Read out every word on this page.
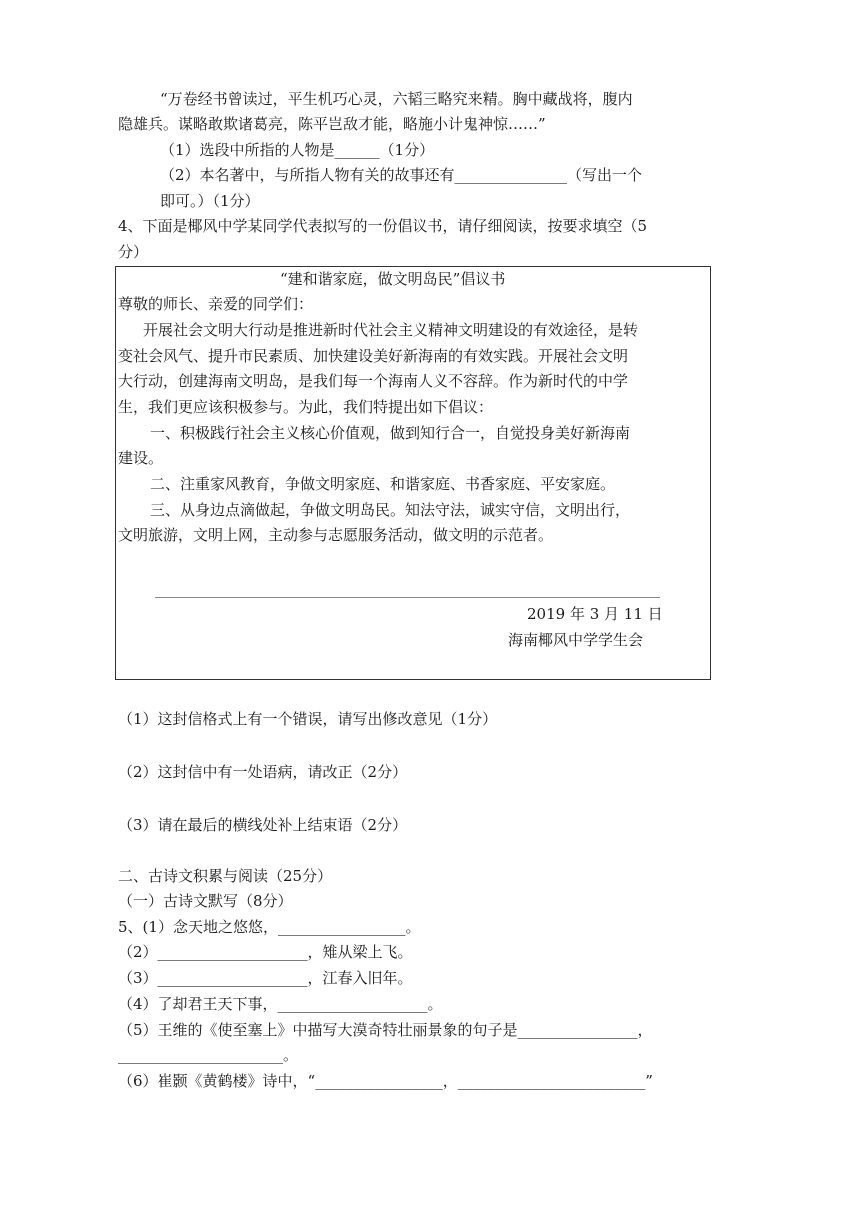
“万卷经书曾读过，平生机巧心灵，六韬三略究来精。胸中藏战将，腹内
隐雄兵。谋略敢欺诸葛亮，陈平岂敌才能，略施小计鬼神惊……”
（1）选段中所指的人物是______（1分）
（2）本名著中，与所指人物有关的故事还有_______________（写出一个
即可。）（1分）
4、下面是椰风中学某同学代表拟写的一份倡议书，请仔细阅读，按要求填空（5
分）
“建和谐家庭，做文明岛民”倡议书
尊敬的师长、亲爱的同学们：
开展社会文明大行动是推进新时代社会主义精神文明建设的有效途径，是转
变社会风气、提升市民素质、加快建设美好新海南的有效实践。开展社会文明
大行动，创建海南文明岛，是我们每一个海南人义不容辞。作为新时代的中学
生，我们更应该积极参与。为此，我们特提出如下倡议：
一、积极践行社会主义核心价值观，做到知行合一，自觉投身美好新海南
建设。
二、注重家风教育，争做文明家庭、和谐家庭、书香家庭、平安家庭。
三、从身边点滴做起，争做文明岛民。知法守法，诚实守信，文明出行，
文明旅游，文明上网，主动参与志愿服务活动，做文明的示范者。
2019 年 3 月 11 日
海南椰风中学学生会
（1）这封信格式上有一个错误，请写出修改意见（1分）
（2）这封信中有一处语病，请改正（2分）
（3）请在最后的横线处补上结束语（2分）
二、古诗文积累与阅读（25分）
（一）古诗文默写（8分）
5、(1）念天地之悠悠，_________________。
（2）____________________，雉从梁上飞。
（3）____________________，江春入旧年。
（4）了却君王天下事，____________________。
（5）王维的《使至塞上》中描写大漠奇特壮丽景象的句子是________________，
______________________。
（6）崔颢《黄鹤楼》诗中，“_________________，_________________________”
